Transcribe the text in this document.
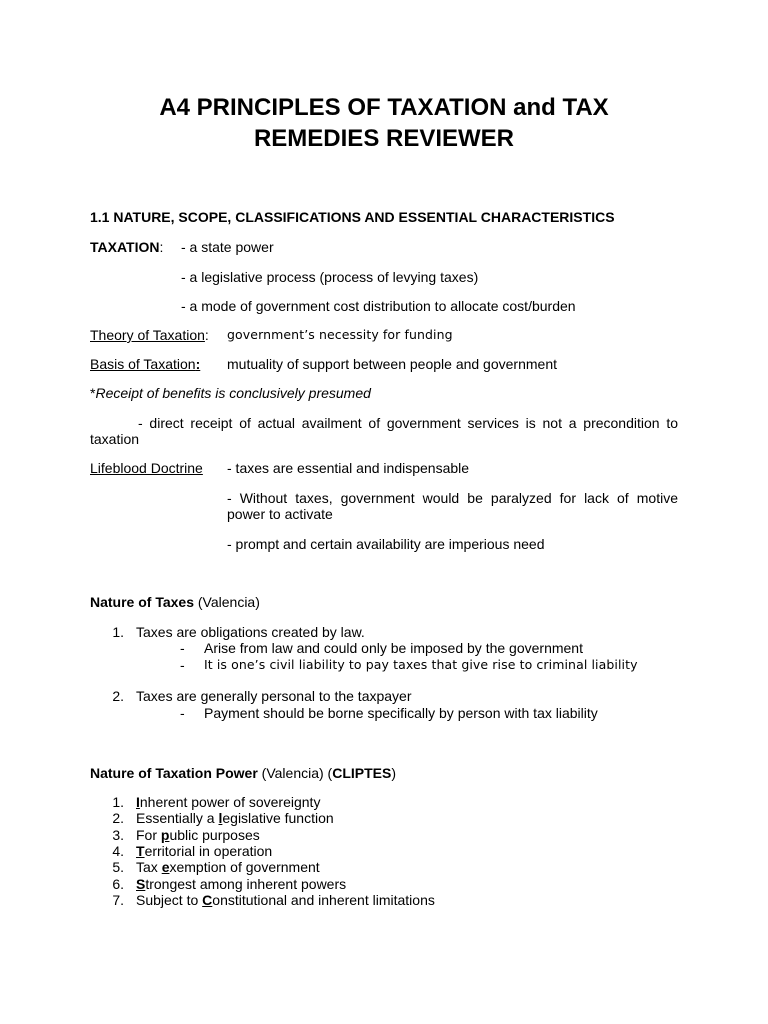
A4 PRINCIPLES OF TAXATION and TAX
REMEDIES REVIEWER
1.1 NATURE, SCOPE, CLASSIFICATIONS AND ESSENTIAL CHARACTERISTICS
TAXATION: - a state power
- a legislative process (process of levying taxes)
- a mode of government cost distribution to allocate cost/burden
Theory of Taxation: government’s necessity for funding
Basis of Taxation: mutuality of support between people and government
*Receipt of benefits is conclusively presumed
- direct receipt of actual availment of government services is not a precondition to taxation
Lifeblood Doctrine - taxes are essential and indispensable
- Without taxes, government would be paralyzed for lack of motive power to activate
- prompt and certain availability are imperious need
Nature of Taxes (Valencia)
1. Taxes are obligations created by law.
- Arise from law and could only be imposed by the government
- It is one’s civil liability to pay taxes that give rise to criminal liability
2. Taxes are generally personal to the taxpayer
- Payment should be borne specifically by person with tax liability
Nature of Taxation Power (Valencia) (CLIPTES)
1. Inherent power of sovereignty
2. Essentially a legislative function
3. For public purposes
4. Territorial in operation
5. Tax exemption of government
6. Strongest among inherent powers
7. Subject to Constitutional and inherent limitations
